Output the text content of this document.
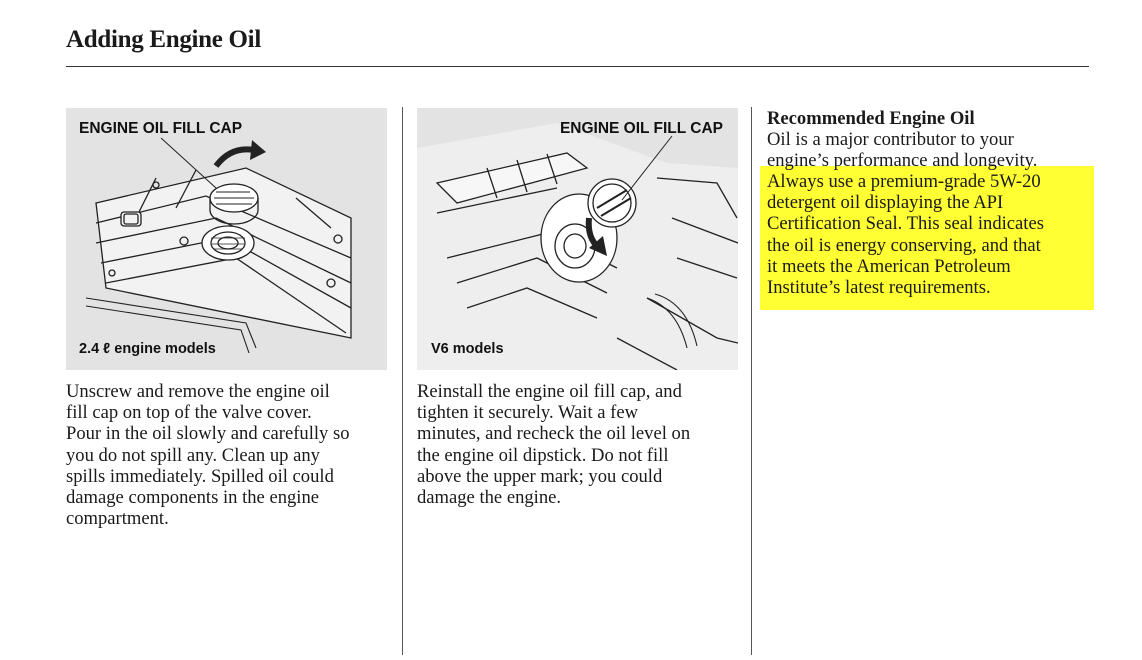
Adding Engine Oil
ENGINE OIL FILL CAP
2.4 ℓ engine models
ENGINE OIL FILL CAP
V6 models
Unscrew and remove the engine oil
fill cap on top of the valve cover.
Pour in the oil slowly and carefully so
you do not spill any. Clean up any
spills immediately. Spilled oil could
damage components in the engine
compartment.
Reinstall the engine oil fill cap, and
tighten it securely. Wait a few
minutes, and recheck the oil level on
the engine oil dipstick. Do not fill
above the upper mark; you could
damage the engine.
Recommended Engine Oil
Oil is a major contributor to your
engine’s performance and longevity.
Always use a premium-grade 5W-20
detergent oil displaying the API
Certification Seal. This seal indicates
the oil is energy conserving, and that
it meets the American Petroleum
Institute’s latest requirements.
